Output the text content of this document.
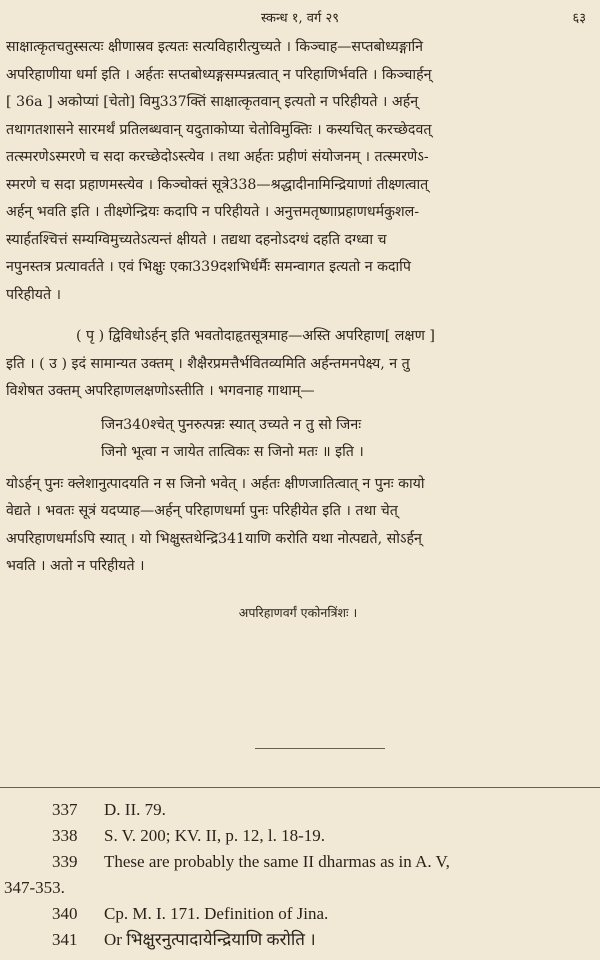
स्कन्ध १, वर्ग २९	६३
साक्षात्कृतचतुस्सत्यः क्षीणास्रव इत्यतः सत्यविहारीत्युच्यते । किञ्चाह—सप्तबोध्यङ्गानि
अपरिहाणीया धर्मा इति । अर्हतः सप्तबोध्यङ्गसम्पन्नत्वात् न परिहाणिर्भवति । किञ्चार्हन्
[ 36a ] अकोप्यां [चेतो] विमु337क्तिं साक्षात्कृतवान् इत्यतो न परिहीयते । अर्हन्
तथागतशासने सारमर्थं प्रतिलब्धवान् यदुताकोप्या चेतोविमुक्तिः । कस्यचित् करच्छेदवत्
तत्स्मरणेऽस्मरणे च सदा करच्छेदोऽस्त्येव । तथा अर्हतः प्रहीणं संयोजनम् । तत्स्मरणेऽ-
स्मरणे च सदा प्रहाणमस्त्येव । किञ्चोक्तं सूत्रे338—श्रद्धादीनामिन्द्रियाणां तीक्ष्णत्वात्
अर्हन् भवति इति । तीक्ष्णेन्द्रियः कदापि न परिहीयते । अनुत्तमतृष्णाप्रहाणधर्मकुशल-
स्यार्हतश्चित्तं सम्यग्विमुच्यतेऽत्यन्तं क्षीयते । तद्यथा दहनोऽदग्धं दहति दग्ध्वा च
नपुनस्तत्र प्रत्यावर्तते । एवं भिक्षुः एका339दशभिर्धर्मैः समन्वागत इत्यतो न कदापि
परिहीयते ।
( पृ ) द्विविधोऽर्हन् इति भवतोदाहृतसूत्रमाह—अस्ति अपरिहाण[ लक्षण ]
इति । ( उ ) इदं सामान्यत उक्तम् । शैक्षैरप्रमत्तैर्भवितव्यमिति अर्हन्तमनपेक्ष्य, न तु
विशेषत उक्तम् अपरिहाणलक्षणोऽस्तीति । भगवनाह गाथाम्—
जिन340श्चेत् पुनरुत्पन्नः स्यात् उच्यते न तु सो जिनः
जिनो भूत्वा न जायेत तात्विकः स जिनो मतः ॥ इति ।
योऽर्हन् पुनः क्लेशानुत्पादयति न स जिनो भवेत् । अर्हतः क्षीणजातित्वात् न पुनः कायो
वेद्यते । भवतः सूत्रं यदप्याह—अर्हन् परिहाणधर्मा पुनः परिहीयेत इति । तथा चेत्
अपरिहाणधर्माऽपि स्यात् । यो भिक्षुस्तथेन्द्रि341याणि करोति यथा नोत्पद्यते, सोऽर्हन्
भवति । अतो न परिहीयते ।
अपरिहाणवर्गं एकोनत्रिंशः ।
337	D. II. 79.
338	S. V. 200; KV. II, p. 12, l. 18-19.
339	These are probably the same II dharmas as in A. V,
347-353.
340	Cp. M. I. 171. Definition of Jina.
341	Or भिक्षुरनुत्पादायेन्द्रियाणि करोति ।
